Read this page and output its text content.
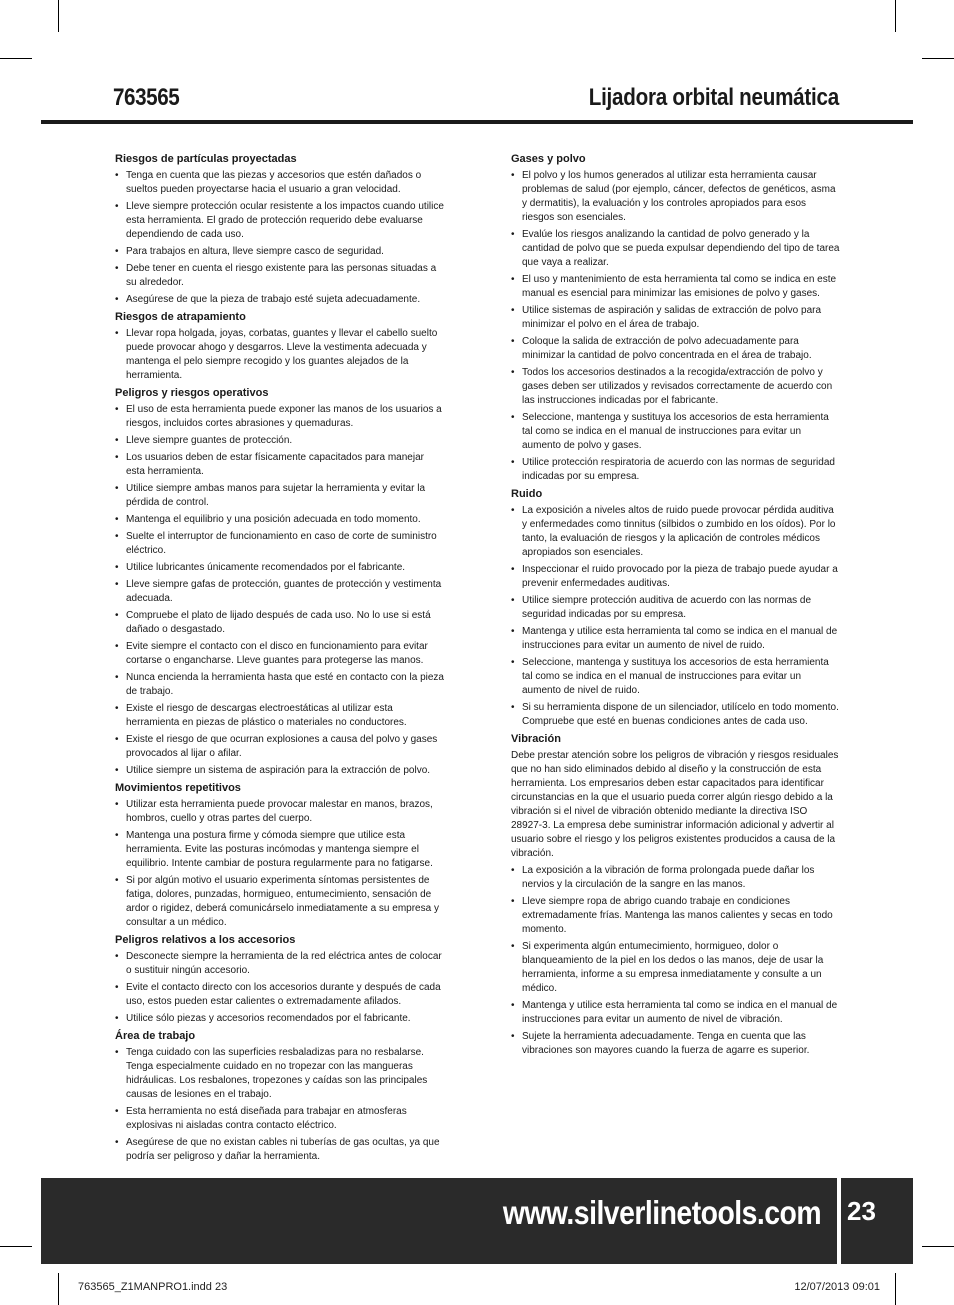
763565	Lijadora orbital neumática
Riesgos de partículas proyectadas
• Tenga en cuenta que las piezas y accesorios que estén dañados o sueltos pueden proyectarse hacia el usuario a gran velocidad.
• Lleve siempre protección ocular resistente a los impactos cuando utilice esta herramienta. El grado de protección requerido debe evaluarse dependiendo de cada uso.
• Para trabajos en altura, lleve siempre casco de seguridad.
• Debe tener en cuenta el riesgo existente para las personas situadas a su alrededor.
• Asegúrese de que la pieza de trabajo esté sujeta adecuadamente.
Riesgos de atrapamiento
• Llevar ropa holgada, joyas, corbatas, guantes y llevar el cabello suelto puede provocar ahogo y desgarros. Lleve la vestimenta adecuada y mantenga el pelo siempre recogido y los guantes alejados de la herramienta.
Peligros y riesgos operativos
• El uso de esta herramienta puede exponer las manos de los usuarios a riesgos, incluidos cortes abrasiones y quemaduras.
• Lleve siempre guantes de protección.
• Los usuarios deben de estar físicamente capacitados para manejar esta herramienta.
• Utilice siempre ambas manos para sujetar la herramienta y evitar la pérdida de control.
• Mantenga el equilibrio y una posición adecuada en todo momento.
• Suelte el interruptor de funcionamiento en caso de corte de suministro eléctrico.
• Utilice lubricantes únicamente recomendados por el fabricante.
• Lleve siempre gafas de protección, guantes de protección y vestimenta adecuada.
• Compruebe el plato de lijado después de cada uso. No lo use si está dañado o desgastado.
• Evite siempre el contacto con el disco en funcionamiento para evitar cortarse o engancharse. Lleve guantes para protegerse las manos.
• Nunca encienda la herramienta hasta que esté en contacto con la pieza de trabajo.
• Existe el riesgo de descargas electroestáticas al utilizar esta herramienta en piezas de plástico o materiales no conductores.
• Existe el riesgo de que ocurran explosiones a causa del polvo y gases provocados al lijar o afilar.
• Utilice siempre un sistema de aspiración para la extracción de polvo.
Movimientos repetitivos
• Utilizar esta herramienta puede provocar malestar en manos, brazos, hombros, cuello y otras partes del cuerpo.
• Mantenga una postura firme y cómoda siempre que utilice esta herramienta. Evite las posturas incómodas y mantenga siempre el equilibrio. Intente cambiar de postura regularmente para no fatigarse.
• Si por algún motivo el usuario experimenta síntomas persistentes de fatiga, dolores, punzadas, hormigueo, entumecimiento, sensación de ardor o rigidez, deberá comunicárselo inmediatamente a su empresa y consultar a un médico.
Peligros relativos a los accesorios
• Desconecte siempre la herramienta de la red eléctrica antes de colocar o sustituir ningún accesorio.
• Evite el contacto directo con los accesorios durante y después de cada uso, estos pueden estar calientes o extremadamente afilados.
• Utilice sólo piezas y accesorios recomendados por el fabricante.
Área de trabajo
• Tenga cuidado con las superficies resbaladizas para no resbalarse. Tenga especialmente cuidado en no tropezar con las mangueras hidráulicas. Los resbalones, tropezones y caídas son las principales causas de lesiones en el trabajo.
• Esta herramienta no está diseñada para trabajar en atmosferas explosivas ni aisladas contra contacto eléctrico.
• Asegúrese de que no existan cables ni tuberías de gas ocultas, ya que podría ser peligroso y dañar la herramienta.
Gases y polvo
• El polvo y los humos generados al utilizar esta herramienta causar problemas de salud (por ejemplo, cáncer, defectos de genéticos, asma y dermatitis), la evaluación y los controles apropiados para esos riesgos son esenciales.
• Evalúe los riesgos analizando la cantidad de polvo generado y la cantidad de polvo que se pueda expulsar dependiendo del tipo de tarea que vaya a realizar.
• El uso y mantenimiento de esta herramienta tal como se indica en este manual es esencial para minimizar las emisiones de polvo y gases.
• Utilice sistemas de aspiración y salidas de extracción de polvo para minimizar el polvo en el área de trabajo.
• Coloque la salida de extracción de polvo adecuadamente para minimizar la cantidad de polvo concentrada en el área de trabajo.
• Todos los accesorios destinados a la recogida/extracción de polvo y gases deben ser utilizados y revisados correctamente de acuerdo con las instrucciones indicadas por el fabricante.
• Seleccione, mantenga y sustituya los accesorios de esta herramienta tal como se indica en el manual de instrucciones para evitar un aumento de polvo y gases.
• Utilice protección respiratoria de acuerdo con las normas de seguridad indicadas por su empresa.
Ruido
• La exposición a niveles altos de ruido puede provocar pérdida auditiva y enfermedades como tinnitus (silbidos o zumbido en los oídos). Por lo tanto, la evaluación de riesgos y la aplicación de controles médicos apropiados son esenciales.
• Inspeccionar el ruido provocado por la pieza de trabajo puede ayudar a prevenir enfermedades auditivas.
• Utilice siempre protección auditiva de acuerdo con las normas de seguridad indicadas por su empresa.
• Mantenga y utilice esta herramienta tal como se indica en el manual de instrucciones para evitar un aumento de nivel de ruido.
• Seleccione, mantenga y sustituya los accesorios de esta herramienta tal como se indica en el manual de instrucciones para evitar un aumento de nivel de ruido.
• Si su herramienta dispone de un silenciador, utilícelo en todo momento. Compruebe que esté en buenas condiciones antes de cada uso.
Vibración

Debe prestar atención sobre los peligros de vibración y riesgos residuales que no han sido eliminados debido al diseño y la construcción de esta herramienta. Los empresarios deben estar capacitados para identificar circunstancias en la que el usuario pueda correr algún riesgo debido a la vibración si el nivel de vibración obtenido mediante la directiva ISO 28927-3. La empresa debe suministrar información adicional y advertir al usuario sobre el riesgo y los peligros existentes producidos a causa de la vibración.

• La exposición a la vibración de forma prolongada puede dañar los nervios y la circulación de la sangre en las manos.
• Lleve siempre ropa de abrigo cuando trabaje en condiciones extremadamente frías. Mantenga las manos calientes y secas en todo momento.
• Si experimenta algún entumecimiento, hormigueo, dolor o blanqueamiento de la piel en los dedos o las manos, deje de usar la herramienta, informe a su empresa inmediatamente y consulte a un médico.
• Mantenga y utilice esta herramienta tal como se indica en el manual de instrucciones para evitar un aumento de nivel de vibración.
• Sujete la herramienta adecuadamente. Tenga en cuenta que las vibraciones son mayores cuando la fuerza de agarre es superior.
www.silverlinetools.com 23
763565_Z1MANPRO1.indd 23	12/07/2013 09:01
